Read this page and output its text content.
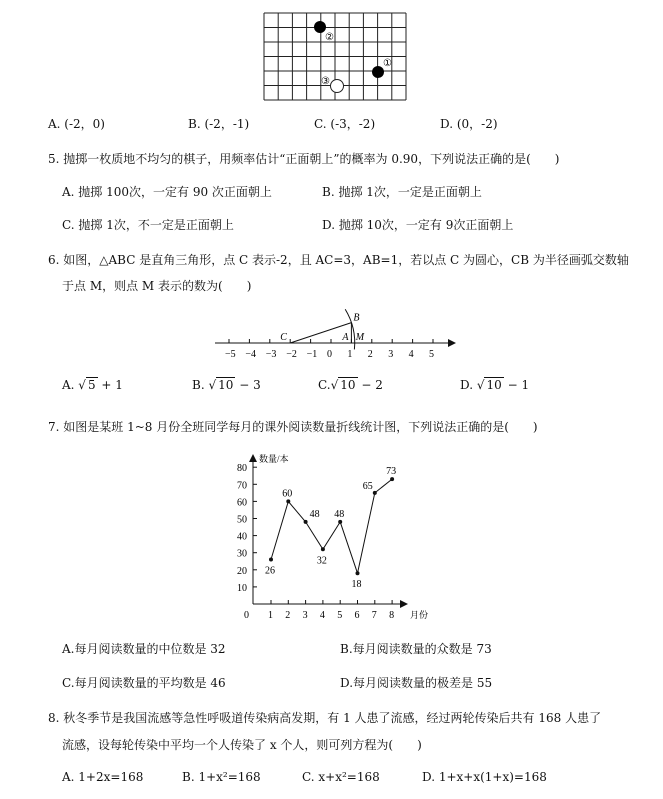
②
①
③
−5 −4 −3 −2 −1 0 1 2 3 4 5
C	A
B
M
数量/本
月份
0
10
20
30
40
50
60
70
80
1 2 3 4 5 6 7 8
26
60
48
32
48
18
65
73
A. (-2，0)	B. (-2，-1)	C. (-3，-2)	D. (0，-2)
5. 抛掷一枚质地不均匀的棋子，用频率估计“正面朝上”的概率为 0.90，下列说法正确的是(　　)
A. 抛掷 100次，一定有 90 次正面朝上	B. 抛掷 1次，一定是正面朝上
C. 抛掷 1次，不一定是正面朝上	D. 抛掷 10次，一定有 9次正面朝上
6. 如图，△ABC 是直角三角形，点 C 表示-2，且 AC=3，AB=1，若以点 C 为圆心，CB 为半径画弧交数轴
于点 M，则点 M 表示的数为(　　)
A. √ 5 + 1	B. √ 10 − 3	C.√ 10 − 2	D. √ 10 − 1
7. 如图是某班 1~8 月份全班同学每月的课外阅读数量折线统计图，下列说法正确的是(　　)
A.每月阅读数量的中位数是 32	B.每月阅读数量的众数是 73
C.每月阅读数量的平均数是 46	D.每月阅读数量的极差是 55
8. 秋冬季节是我国流感等急性呼吸道传染病高发期，有 1 人患了流感，经过两轮传染后共有 168 人患了
流感，设每轮传染中平均一个人传染了 x 个人，则可列方程为(　　)
A. 1+2x=168	B. 1+x²=168	C. x+x²=168	D. 1+x+x(1+x)=168
